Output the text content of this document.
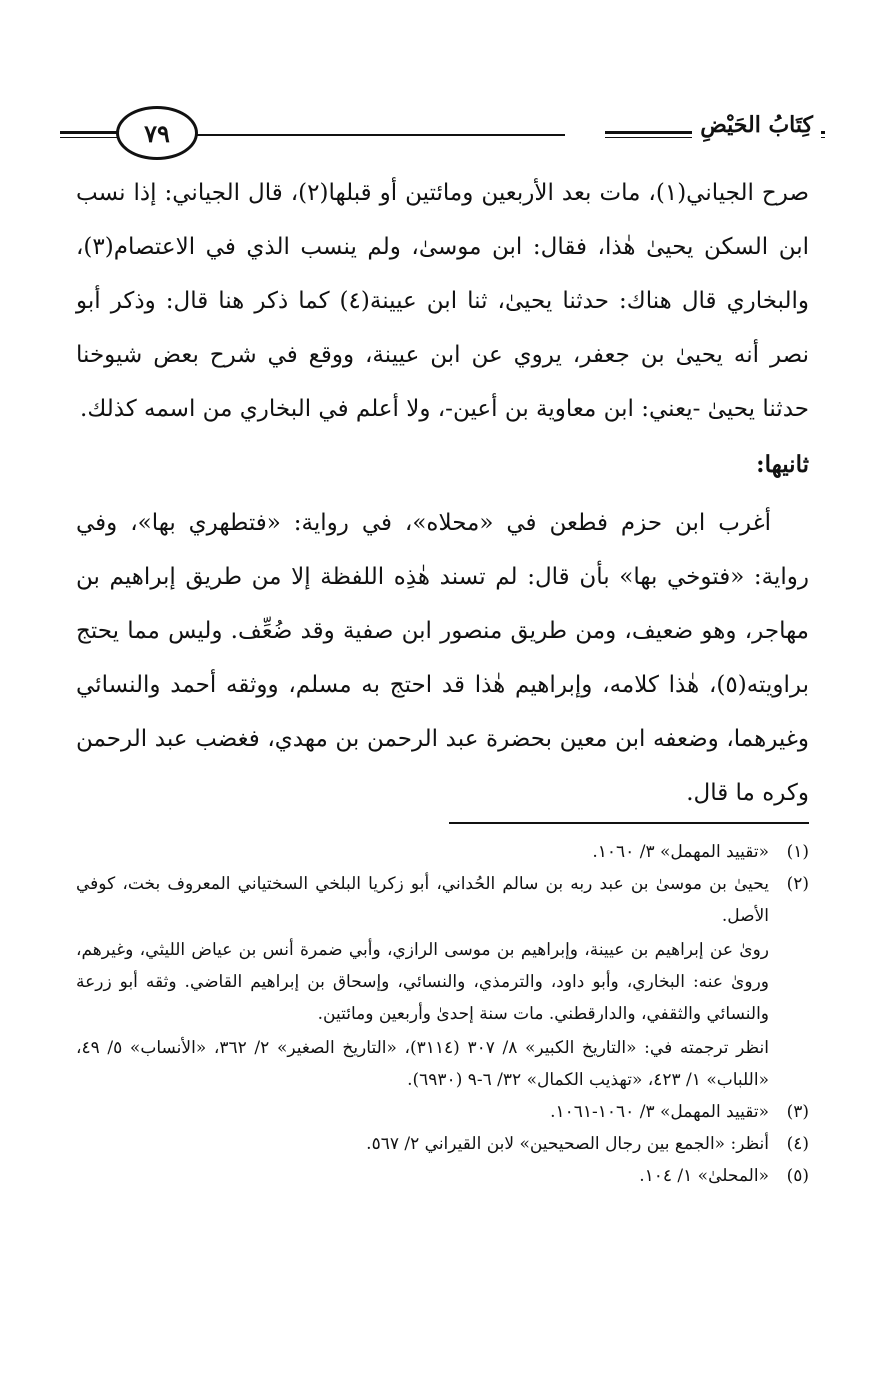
كِتَابُ الحَيْضِ
٧٩

صرح الجياني(١)، مات بعد الأربعين ومائتين أو قبلها(٢)، قال الجياني: إذا نسب ابن السكن يحيىٰ هٰذا، فقال: ابن موسىٰ، ولم ينسب الذي في الاعتصام(٣)، والبخاري قال هناك: حدثنا يحيىٰ، ثنا ابن عيينة(٤) كما ذكر هنا قال: وذكر أبو نصر أنه يحيىٰ بن جعفر، يروي عن ابن عيينة، ووقع في شرح بعض شيوخنا حدثنا يحيىٰ -يعني: ابن معاوية بن أعين-، ولا أعلم في البخاري من اسمه كذلك.

ثانيها:

أغرب ابن حزم فطعن في «محلاه»، في رواية: «فتطهري بها»، وفي رواية: «فتوخي بها» بأن قال: لم تسند هٰذِه اللفظة إلا من طريق إبراهيم بن مهاجر، وهو ضعيف، ومن طريق منصور ابن صفية وقد ضُعِّف. وليس مما يحتج براويته(٥)، هٰذا كلامه، وإبراهيم هٰذا قد احتج به مسلم، ووثقه أحمد والنسائي وغيرهما، وضعفه ابن معين بحضرة عبد الرحمن بن مهدي، فغضب عبد الرحمن وكره ما قال.

(١)
«تقييد المهمل» ٣/ ١٠٦٠.
(٢)
يحيىٰ بن موسىٰ بن عبد ربه بن سالم الحُداني، أبو زكريا البلخي السختياني المعروف بخت، كوفي الأصل.
روىٰ عن إبراهيم بن عيينة، وإبراهيم بن موسى الرازي، وأبي ضمرة أنس بن عياض الليثي، وغيرهم، وروىٰ عنه: البخاري، وأبو داود، والترمذي، والنسائي، وإسحاق بن إبراهيم القاضي. وثقه أبو زرعة والنسائي والثقفي، والدارقطني. مات سنة إحدىٰ وأربعين ومائتين.
انظر ترجمته في: «التاريخ الكبير» ٨/ ٣٠٧ (٣١١٤)، «التاريخ الصغير» ٢/ ٣٦٢، «الأنساب» ٥/ ٤٩، «اللباب» ١/ ٤٢٣، «تهذيب الكمال» ٣٢/ ٦-٩ (٦٩٣٠).
(٣)
«تقييد المهمل» ٣/ ١٠٦٠-١٠٦١.
(٤)
أنظر: «الجمع بين رجال الصحيحين» لابن القيراني ٢/ ٥٦٧.
(٥)
«المحلىٰ» ١/ ١٠٤.
